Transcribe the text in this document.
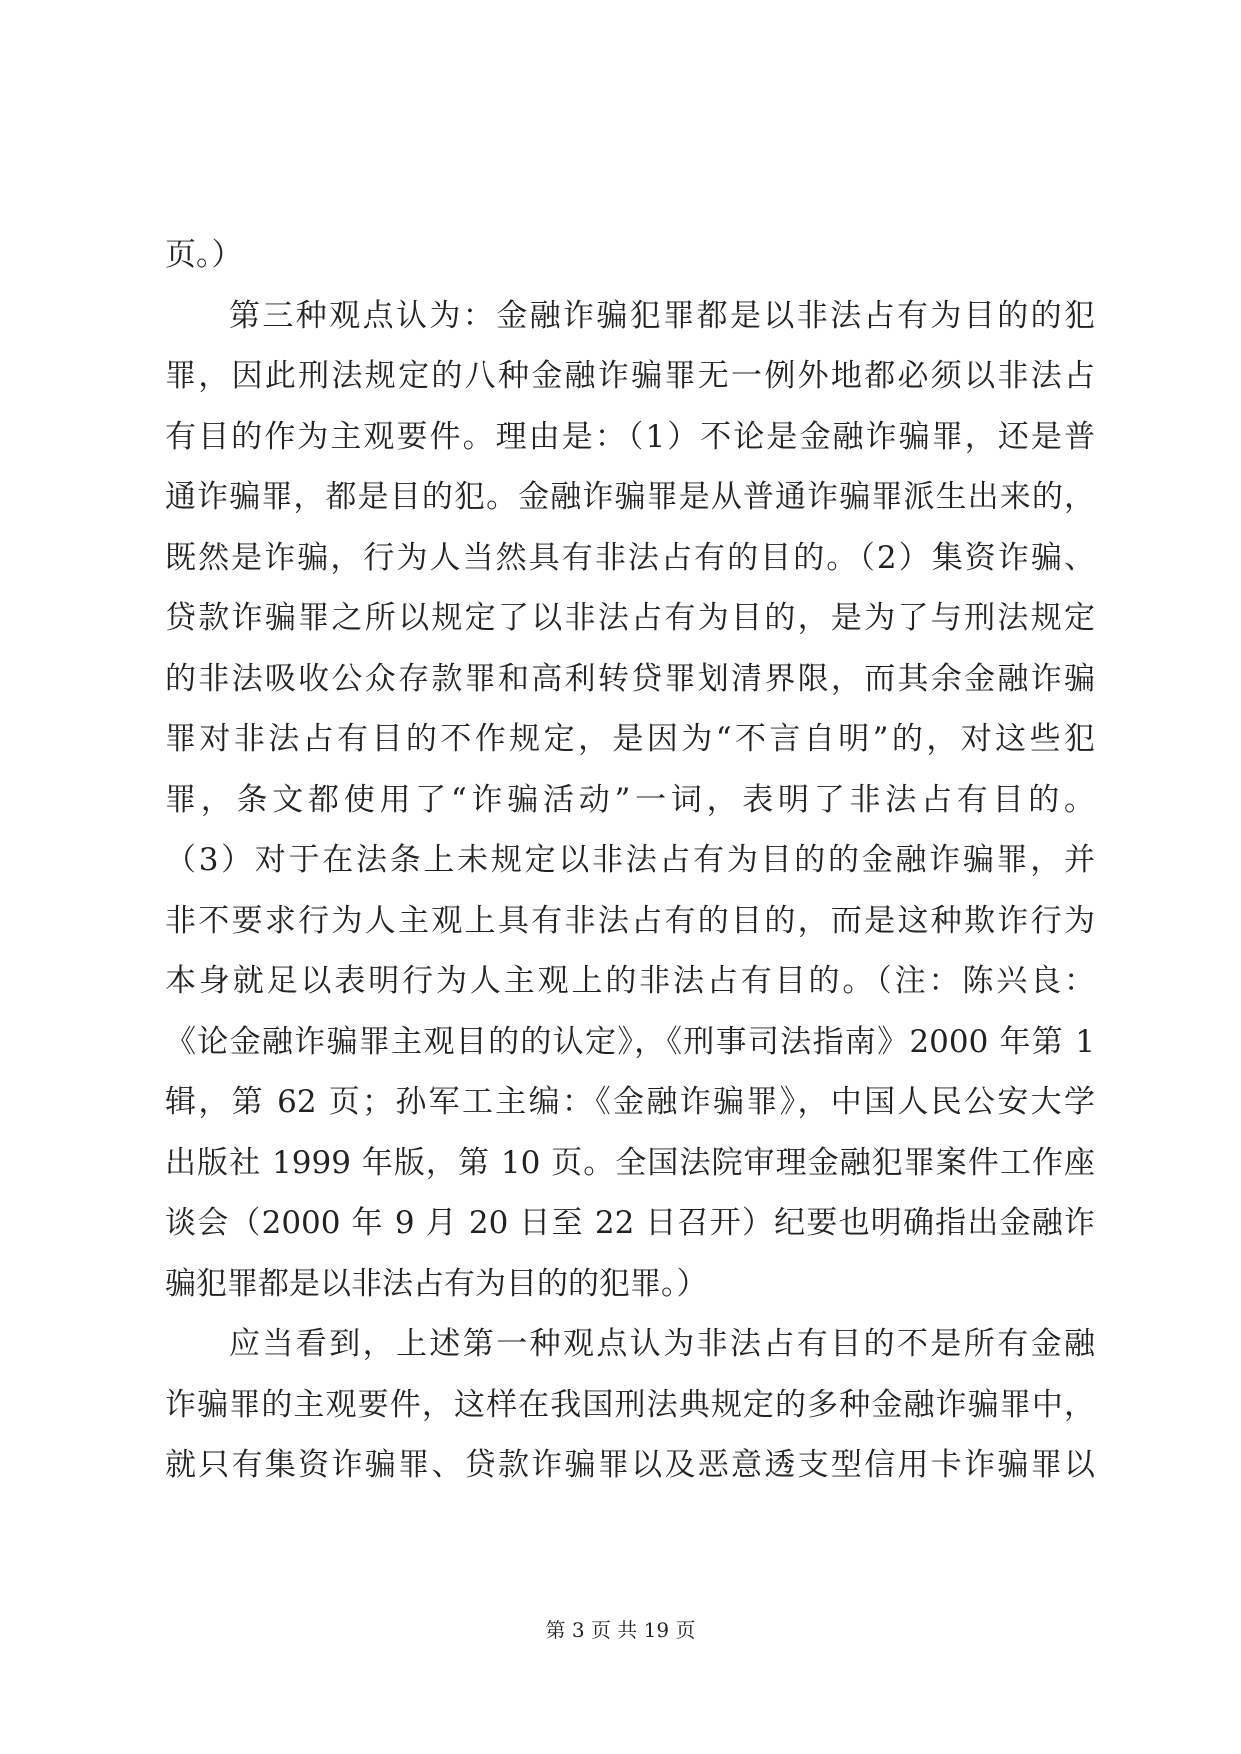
页。）
第三种观点认为：金融诈骗犯罪都是以非法占有为目的的犯
罪，因此刑法规定的八种金融诈骗罪无一例外地都必须以非法占
有目的作为主观要件。理由是：（1）不论是金融诈骗罪，还是普
通诈骗罪，都是目的犯。金融诈骗罪是从普通诈骗罪派生出来的，
既然是诈骗，行为人当然具有非法占有的目的。（2）集资诈骗、
贷款诈骗罪之所以规定了以非法占有为目的，是为了与刑法规定
的非法吸收公众存款罪和高利转贷罪划清界限，而其余金融诈骗
罪对非法占有目的不作规定，是因为“不言自明”的，对这些犯
罪，条文都使用了“诈骗活动”一词，表明了非法占有目的。
（3）对于在法条上未规定以非法占有为目的的金融诈骗罪，并
非不要求行为人主观上具有非法占有的目的，而是这种欺诈行为
本身就足以表明行为人主观上的非法占有目的。（注：陈兴良：
《论金融诈骗罪主观目的的认定》，《刑事司法指南》2000 年第 1
辑，第 62 页；孙军工主编：《金融诈骗罪》，中国人民公安大学
出版社 1999 年版，第 10 页。全国法院审理金融犯罪案件工作座
谈会（2000 年 9 月 20 日至 22 日召开）纪要也明确指出金融诈
骗犯罪都是以非法占有为目的的犯罪。）
应当看到，上述第一种观点认为非法占有目的不是所有金融
诈骗罪的主观要件，这样在我国刑法典规定的多种金融诈骗罪中，
就只有集资诈骗罪、贷款诈骗罪以及恶意透支型信用卡诈骗罪以
第 3 页 共 19 页
